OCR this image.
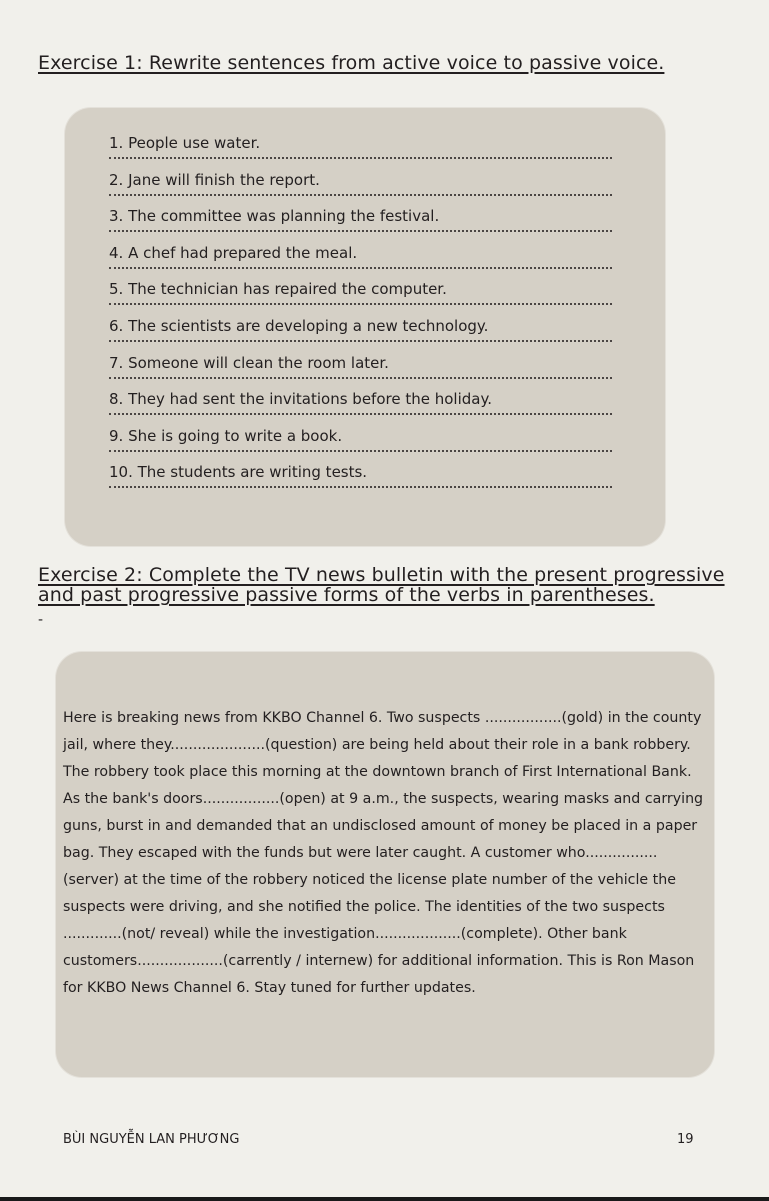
Exercise 1: Rewrite sentences from active voice to passive voice.
1. People use water.
2. Jane will finish the report.
3. The committee was planning the festival.
4. A chef had prepared the meal.
5. The technician has repaired the computer.
6. The scientists are developing a new technology.
7. Someone will clean the room later.
8. They had sent the invitations before the holiday.
9. She is going to write a book.
10. The students are writing tests.
Exercise 2: Complete the TV news bulletin with the present progressive and past progressive passive forms of the verbs in parentheses.
-

Here is breaking news from KKBO Channel 6. Two suspects .................(gold) in the county jail, where they.....................(question) are being held about their role in a bank robbery. The robbery took place this morning at the downtown branch of First International Bank. As the bank's doors.................(open) at 9 a.m., the suspects, wearing masks and carrying guns, burst in and demanded that an undisclosed amount of money be placed in a paper bag. They escaped with the funds but were later caught. A customer who................(server) at the time of the robbery noticed the license plate number of the vehicle the suspects were driving, and she notified the police. The identities of the two suspects .............(not/ reveal) while the investigation...................(complete). Other bank customers...................(carrently / internew) for additional information. This is Ron Mason for KKBO News Channel 6. Stay tuned for further updates.

BÙI NGUYỄN LAN PHƯƠNG	19
